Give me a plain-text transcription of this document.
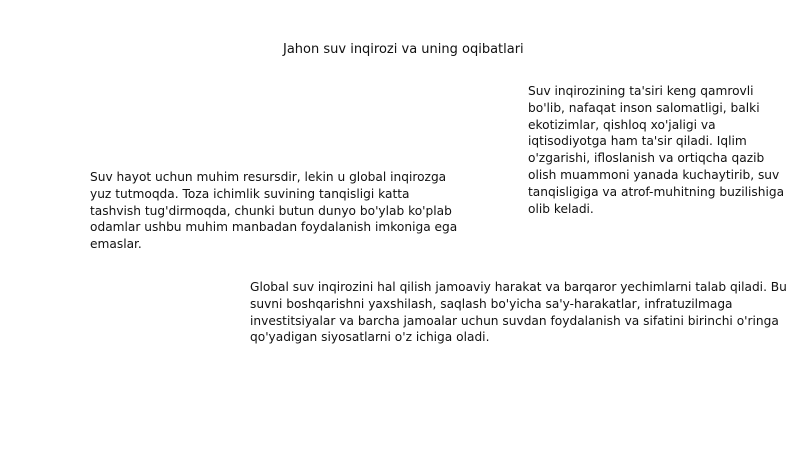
Jahon suv inqirozi va uning oqibatlari
Suv hayot uchun muhim resursdir, lekin u global inqirozga yuz tutmoqda. Toza ichimlik suvining tanqisligi katta tashvish tug'dirmoqda, chunki butun dunyo bo'ylab ko'plab odamlar ushbu muhim manbadan foydalanish imkoniga ega emaslar.
Suv inqirozining ta'siri keng qamrovli bo'lib, nafaqat inson salomatligi, balki ekotizimlar, qishloq xo'jaligi va iqtisodiyotga ham ta'sir qiladi. Iqlim o'zgarishi, ifloslanish va ortiqcha qazib olish muammoni yanada kuchaytirib, suv tanqisligiga va atrof-muhitning buzilishiga olib keladi.
Global suv inqirozini hal qilish jamoaviy harakat va barqaror yechimlarni talab qiladi. Bu suvni boshqarishni yaxshilash, saqlash bo'yicha sa'y-harakatlar, infratuzilmaga investitsiyalar va barcha jamoalar uchun suvdan foydalanish va sifatini birinchi o'ringa qo'yadigan siyosatlarni o'z ichiga oladi.
